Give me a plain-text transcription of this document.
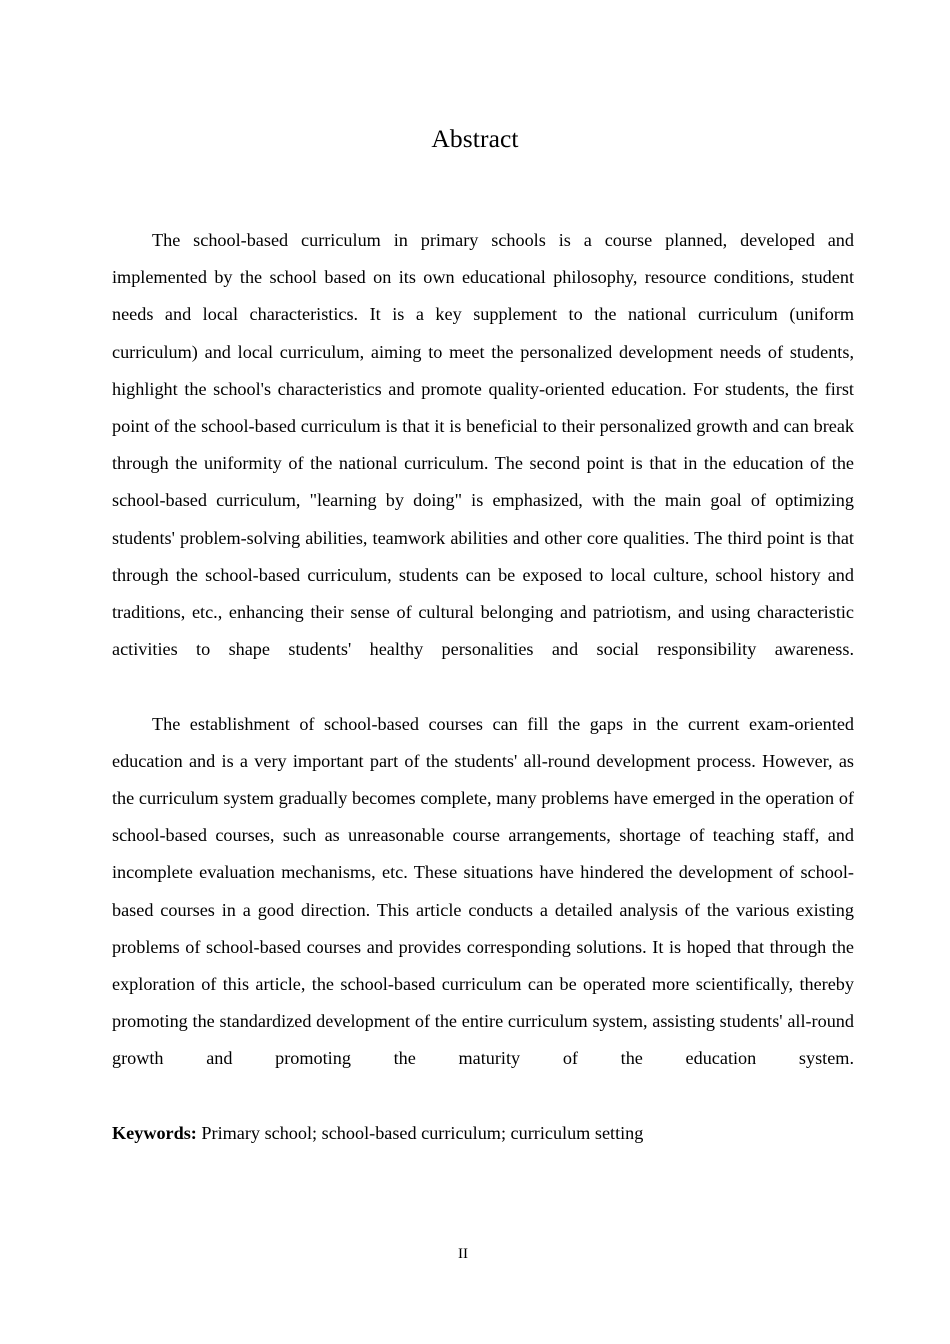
Abstract

The school-based curriculum in primary schools is a course planned, developed and implemented by the school based on its own educational philosophy, resource conditions, student needs and local characteristics. It is a key supplement to the national curriculum (uniform curriculum) and local curriculum, aiming to meet the personalized development needs of students, highlight the school's characteristics and promote quality-oriented education. For students, the first point of the school-based curriculum is that it is beneficial to their personalized growth and can break through the uniformity of the national curriculum. The second point is that in the education of the school-based curriculum, "learning by doing" is emphasized, with the main goal of optimizing students' problem-solving abilities, teamwork abilities and other core qualities. The third point is that through the school-based curriculum, students can be exposed to local culture, school history and traditions, etc., enhancing their sense of cultural belonging and patriotism, and using characteristic activities to shape students' healthy personalities and social responsibility awareness.

The establishment of school-based courses can fill the gaps in the current exam-oriented education and is a very important part of the students' all-round development process. However, as the curriculum system gradually becomes complete, many problems have emerged in the operation of school-based courses, such as unreasonable course arrangements, shortage of teaching staff, and incomplete evaluation mechanisms, etc. These situations have hindered the development of school-based courses in a good direction. This article conducts a detailed analysis of the various existing problems of school-based courses and provides corresponding solutions. It is hoped that through the exploration of this article, the school-based curriculum can be operated more scientifically, thereby promoting the standardized development of the entire curriculum system, assisting students' all-round growth and promoting the maturity of the education system.

Keywords: Primary school; school-based curriculum; curriculum setting

II
